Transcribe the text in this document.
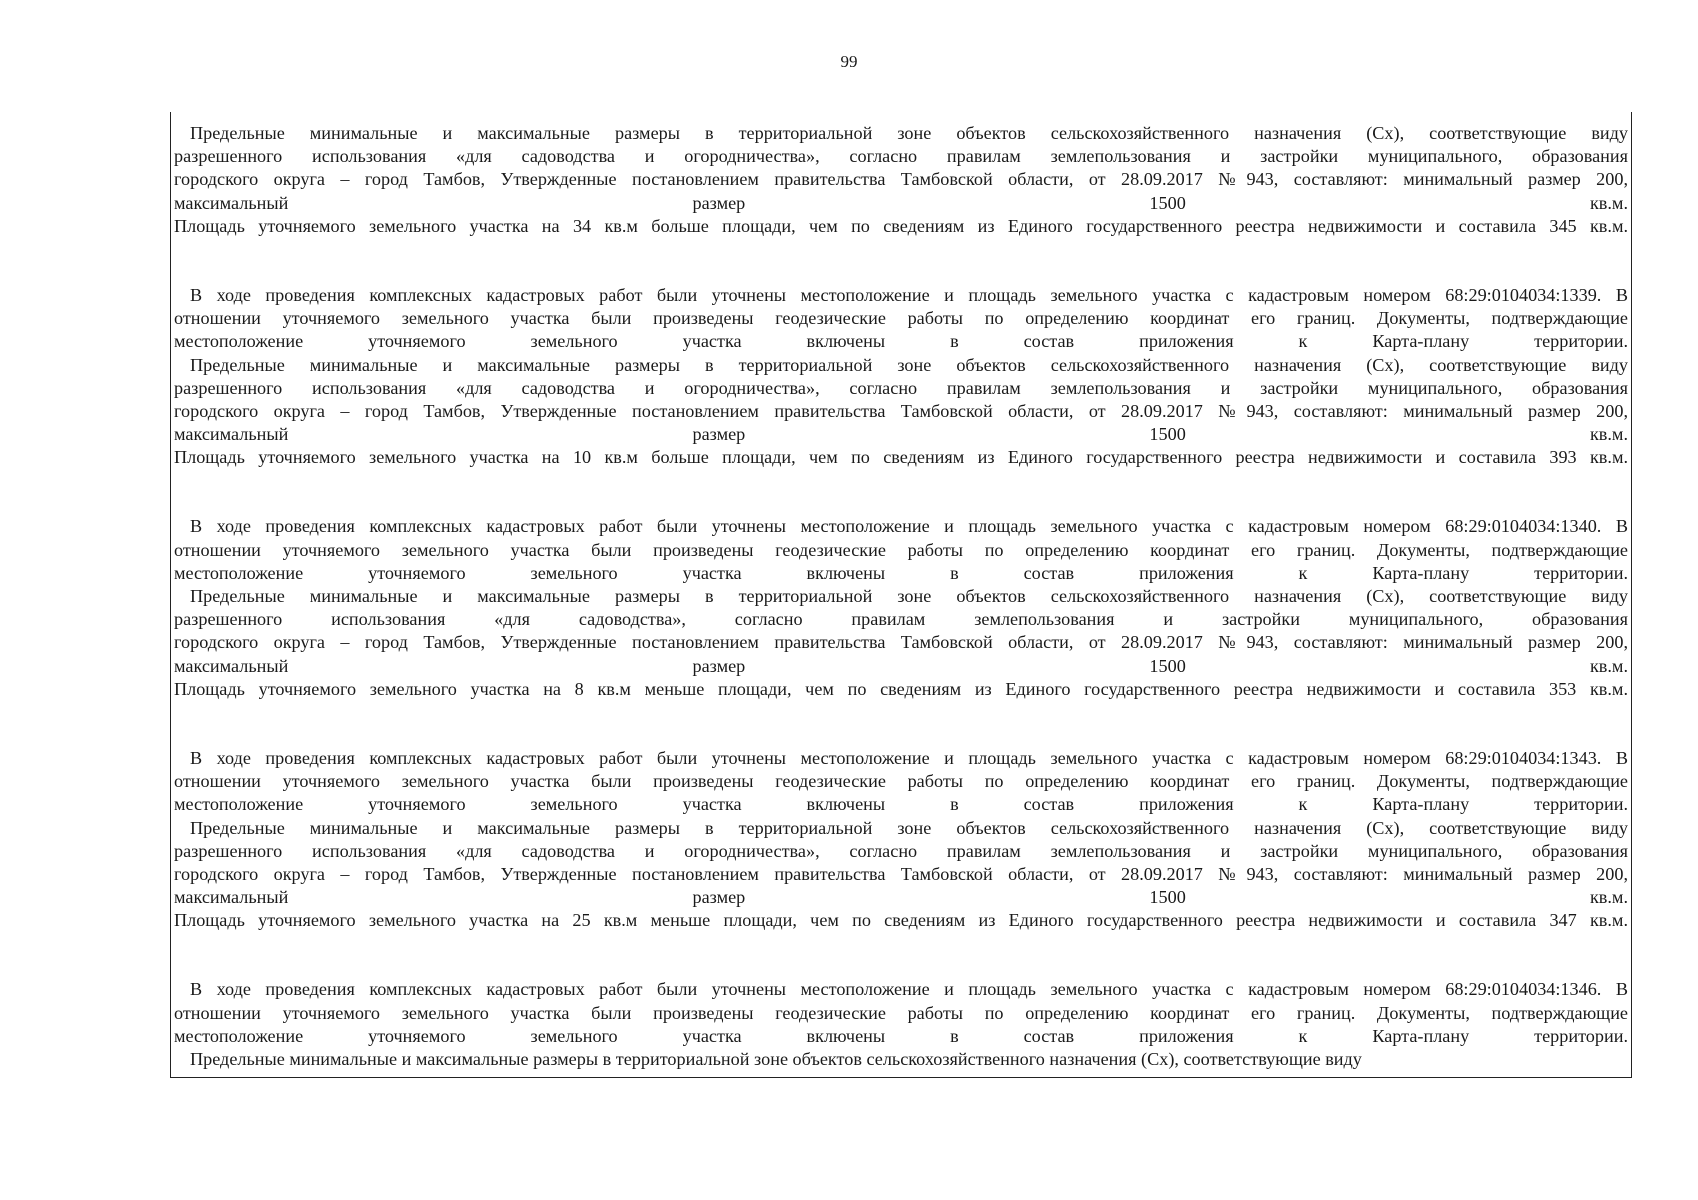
99
Предельные минимальные и максимальные размеры в территориальной зоне объектов сельскохозяйственного назначения (Сх), соответствующие виду
разрешенного использования «для садоводства и огородничества», согласно правилам землепользования и застройки муниципального, образования
городского округа – город Тамбов, Утвержденные постановлением правительства Тамбовской области, от 28.09.2017 №943, составляют: минимальный размер 200,
максимальный размер 1500 кв.м.
Площадь уточняемого земельного участка на 34 кв.м больше площади, чем по сведениям из Единого государственного реестра недвижимости и составила 345 кв.м.
В ходе проведения комплексных кадастровых работ были уточнены местоположение и площадь земельного участка с кадастровым номером 68:29:0104034:1339. В
отношении уточняемого земельного участка были произведены геодезические работы по определению координат его границ. Документы, подтверждающие
местоположение уточняемого земельного участка включены в состав приложения к Карта-плану территории.
Предельные минимальные и максимальные размеры в территориальной зоне объектов сельскохозяйственного назначения (Сх), соответствующие виду
разрешенного использования «для садоводства и огородничества», согласно правилам землепользования и застройки муниципального, образования
городского округа – город Тамбов, Утвержденные постановлением правительства Тамбовской области, от 28.09.2017 №943, составляют: минимальный размер 200,
максимальный размер 1500 кв.м.
Площадь уточняемого земельного участка на 10 кв.м больше площади, чем по сведениям из Единого государственного реестра недвижимости и составила 393 кв.м.
В ходе проведения комплексных кадастровых работ были уточнены местоположение и площадь земельного участка с кадастровым номером 68:29:0104034:1340. В
отношении уточняемого земельного участка были произведены геодезические работы по определению координат его границ. Документы, подтверждающие
местоположение уточняемого земельного участка включены в состав приложения к Карта-плану территории.
Предельные минимальные и максимальные размеры в территориальной зоне объектов сельскохозяйственного назначения (Сх), соответствующие виду
разрешенного использования «для садоводства», согласно правилам землепользования и застройки муниципального, образования
городского округа – город Тамбов, Утвержденные постановлением правительства Тамбовской области, от 28.09.2017 №943, составляют: минимальный размер 200,
максимальный размер 1500 кв.м.
Площадь уточняемого земельного участка на 8 кв.м меньше площади, чем по сведениям из Единого государственного реестра недвижимости и составила 353 кв.м.
В ходе проведения комплексных кадастровых работ были уточнены местоположение и площадь земельного участка с кадастровым номером 68:29:0104034:1343. В
отношении уточняемого земельного участка были произведены геодезические работы по определению координат его границ. Документы, подтверждающие
местоположение уточняемого земельного участка включены в состав приложения к Карта-плану территории.
Предельные минимальные и максимальные размеры в территориальной зоне объектов сельскохозяйственного назначения (Сх), соответствующие виду
разрешенного использования «для садоводства и огородничества», согласно правилам землепользования и застройки муниципального, образования
городского округа – город Тамбов, Утвержденные постановлением правительства Тамбовской области, от 28.09.2017 №943, составляют: минимальный размер 200,
максимальный размер 1500 кв.м.
Площадь уточняемого земельного участка на 25 кв.м меньше площади, чем по сведениям из Единого государственного реестра недвижимости и составила 347 кв.м.
В ходе проведения комплексных кадастровых работ были уточнены местоположение и площадь земельного участка с кадастровым номером 68:29:0104034:1346. В
отношении уточняемого земельного участка были произведены геодезические работы по определению координат его границ. Документы, подтверждающие
местоположение уточняемого земельного участка включены в состав приложения к Карта-плану территории.
Предельные минимальные и максимальные размеры в территориальной зоне объектов сельскохозяйственного назначения (Сх), соответствующие виду
